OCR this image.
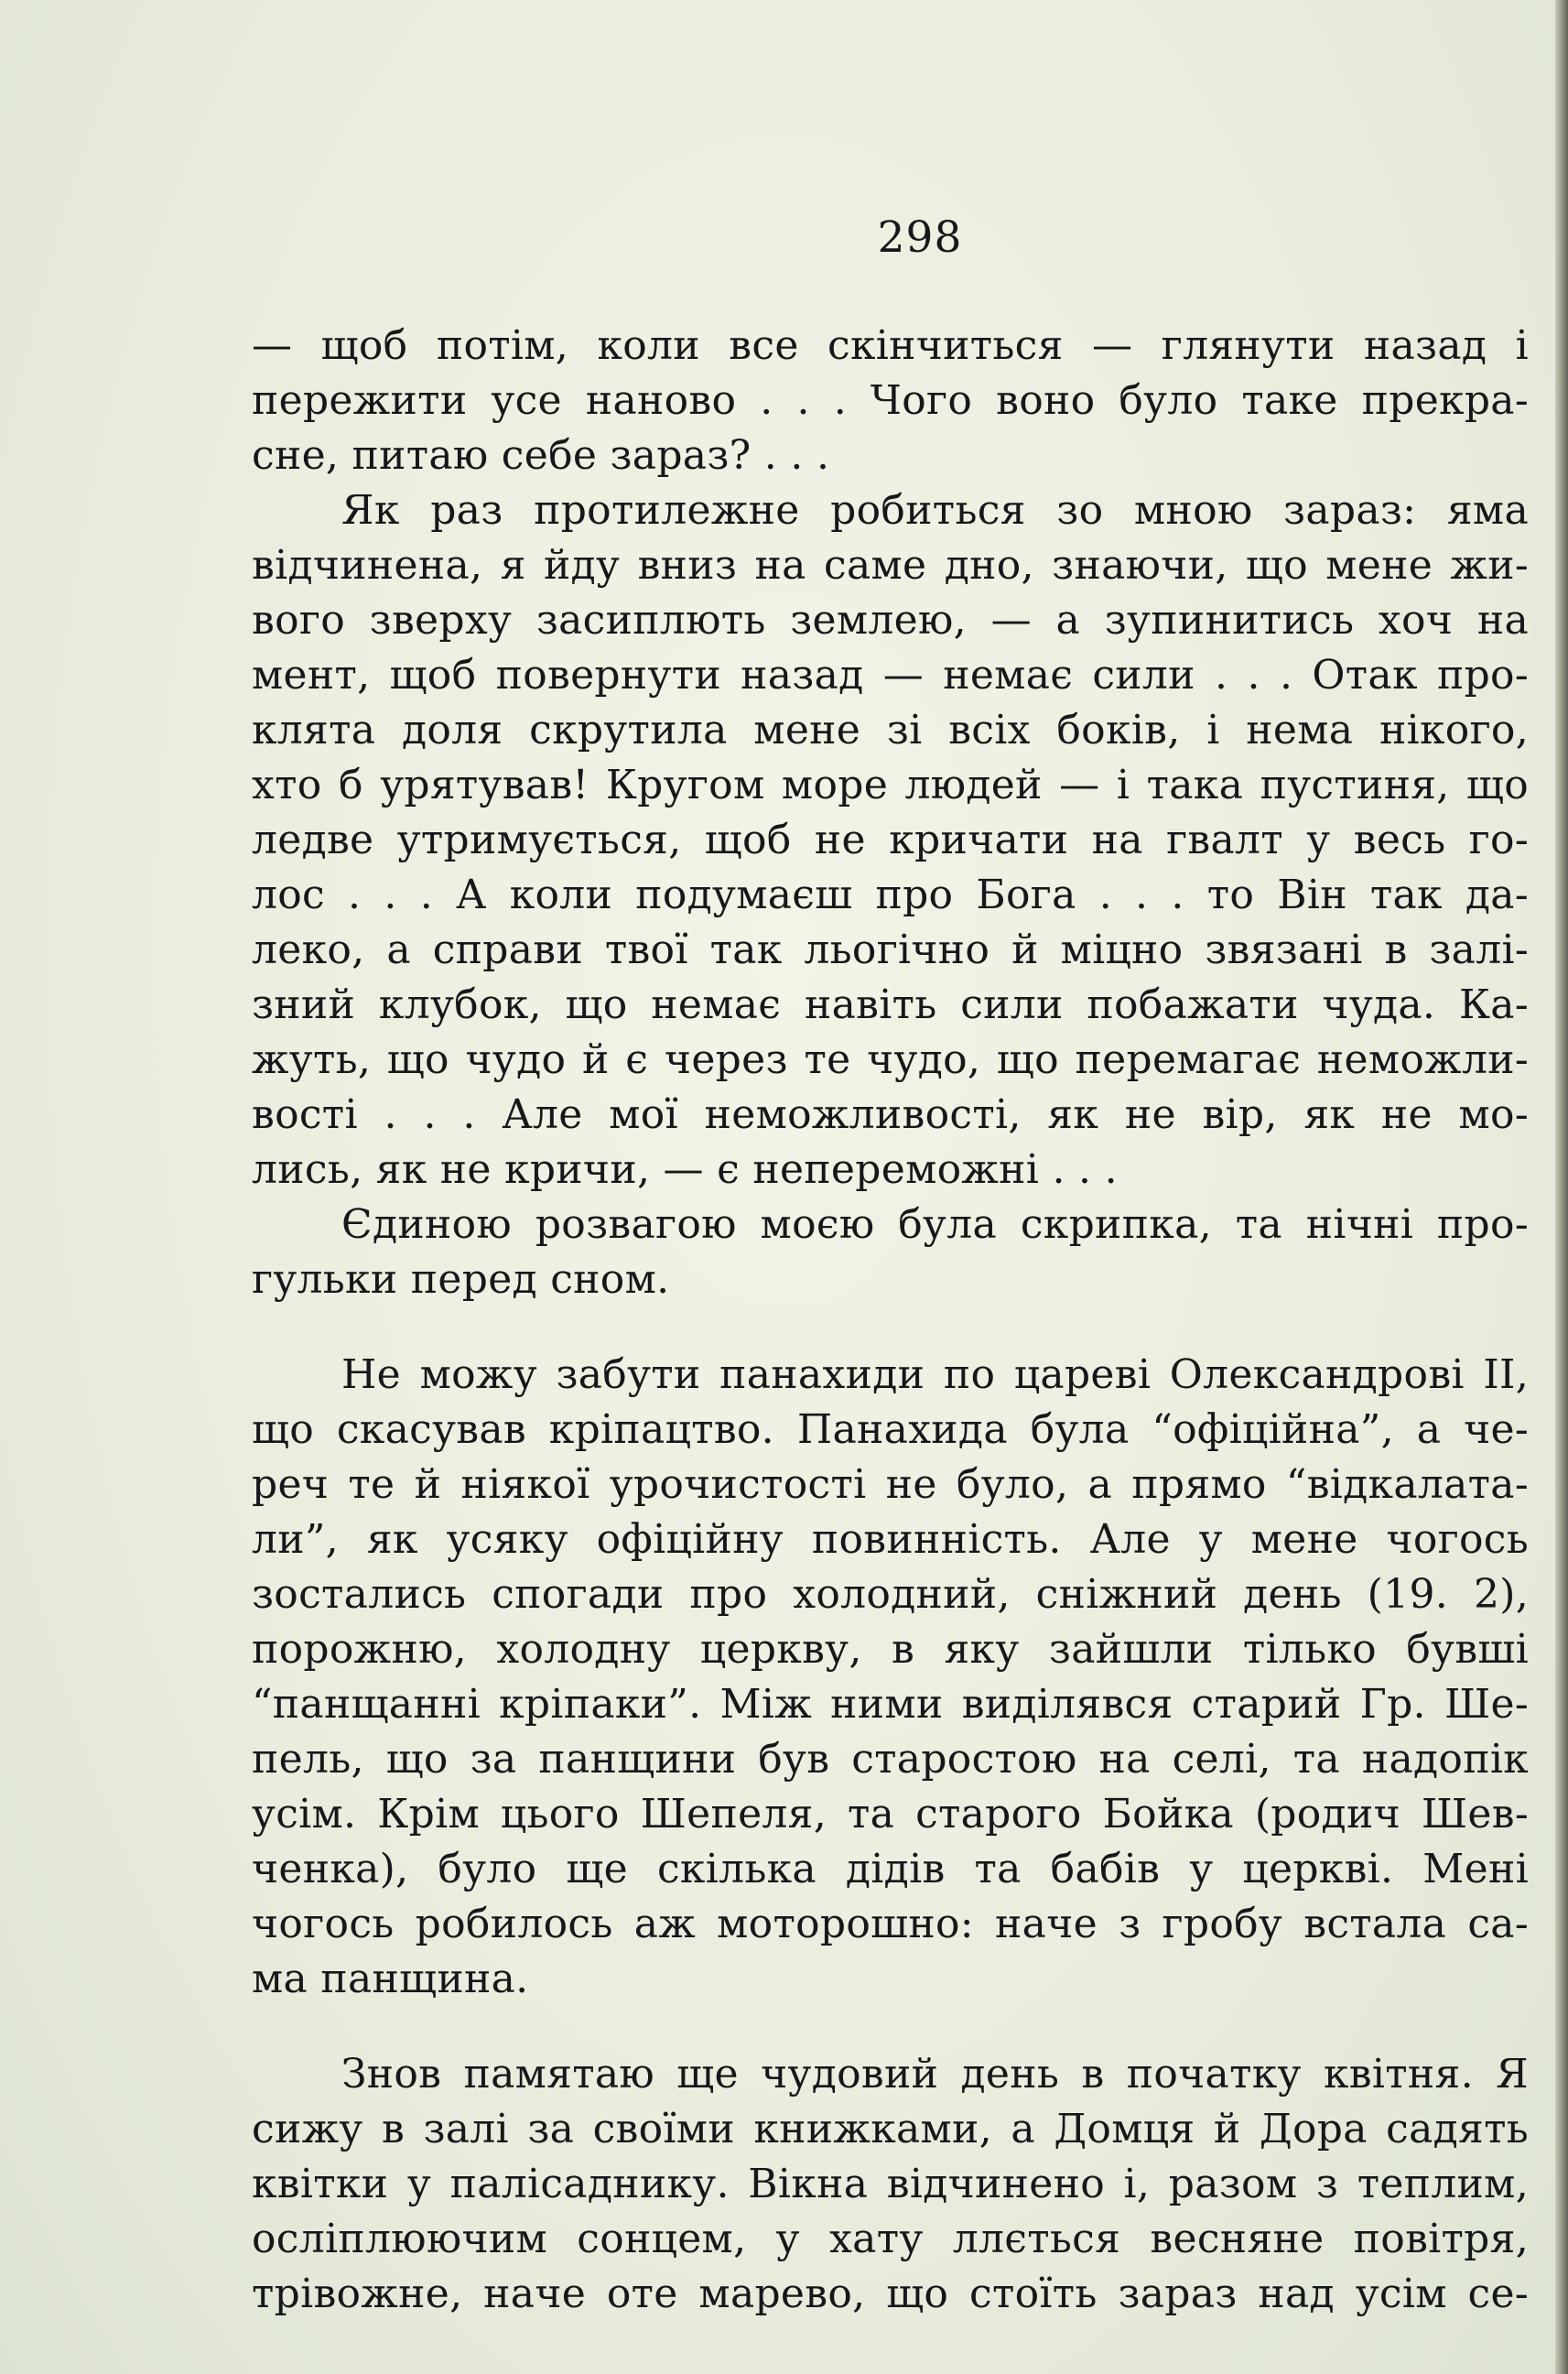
298
— щоб потім, коли все скінчиться — глянути назад і
пережити усе наново . . . Чого воно було таке прекра-
сне, питаю себе зараз? . . .
Як раз протилежне робиться зо мною зараз: яма
відчинена, я йду вниз на саме дно, знаючи, що мене жи-
вого зверху засиплють землею, — а зупинитись хоч на
мент, щоб повернути назад — немає сили . . . Отак про-
клята доля скрутила мене зі всіх боків, і нема нікого,
хто б урятував! Кругом море людей — і така пустиня, що
ледве утримується, щоб не кричати на гвалт у весь го-
лос . . . А коли подумаєш про Бога . . . то Він так да-
леко, а справи твої так льогічно й міцно звязані в залі-
зний клубок, що немає навіть сили побажати чуда. Ка-
жуть, що чудо й є через те чудо, що перемагає неможли-
вості . . . Але мої неможливості, як не вір, як не мо-
лись, як не кричи, — є непереможні . . .
Єдиною розвагою моєю була скрипка, та нічні про-
гульки перед сном.
Не можу забути панахиди по цареві Олександрові II,
що скасував кріпацтво. Панахида була “офіційна”, а че-
реч те й ніякої урочистості не було, а прямо “відкалата-
ли”, як усяку офіційну повинність. Але у мене чогось
зостались спогади про холодний, сніжний день (19. 2),
порожню, холодну церкву, в яку зайшли тілько бувші
“панщанні кріпаки”. Між ними виділявся старий Гр. Ше-
пель, що за панщини був старостою на селі, та надопік
усім. Крім цього Шепеля, та старого Бойка (родич Шев-
ченка), було ще скілька дідів та бабів у церкві. Мені
чогось робилось аж моторошно: наче з гробу встала са-
ма панщина.
Знов памятаю ще чудовий день в початку квітня. Я
сижу в залі за своїми книжками, а Домця й Дора садять
квітки у палісаднику. Вікна відчинено і, разом з теплим,
осліплюючим сонцем, у хату ллється весняне повітря,
трівожне, наче оте марево, що стоїть зараз над усім се-
